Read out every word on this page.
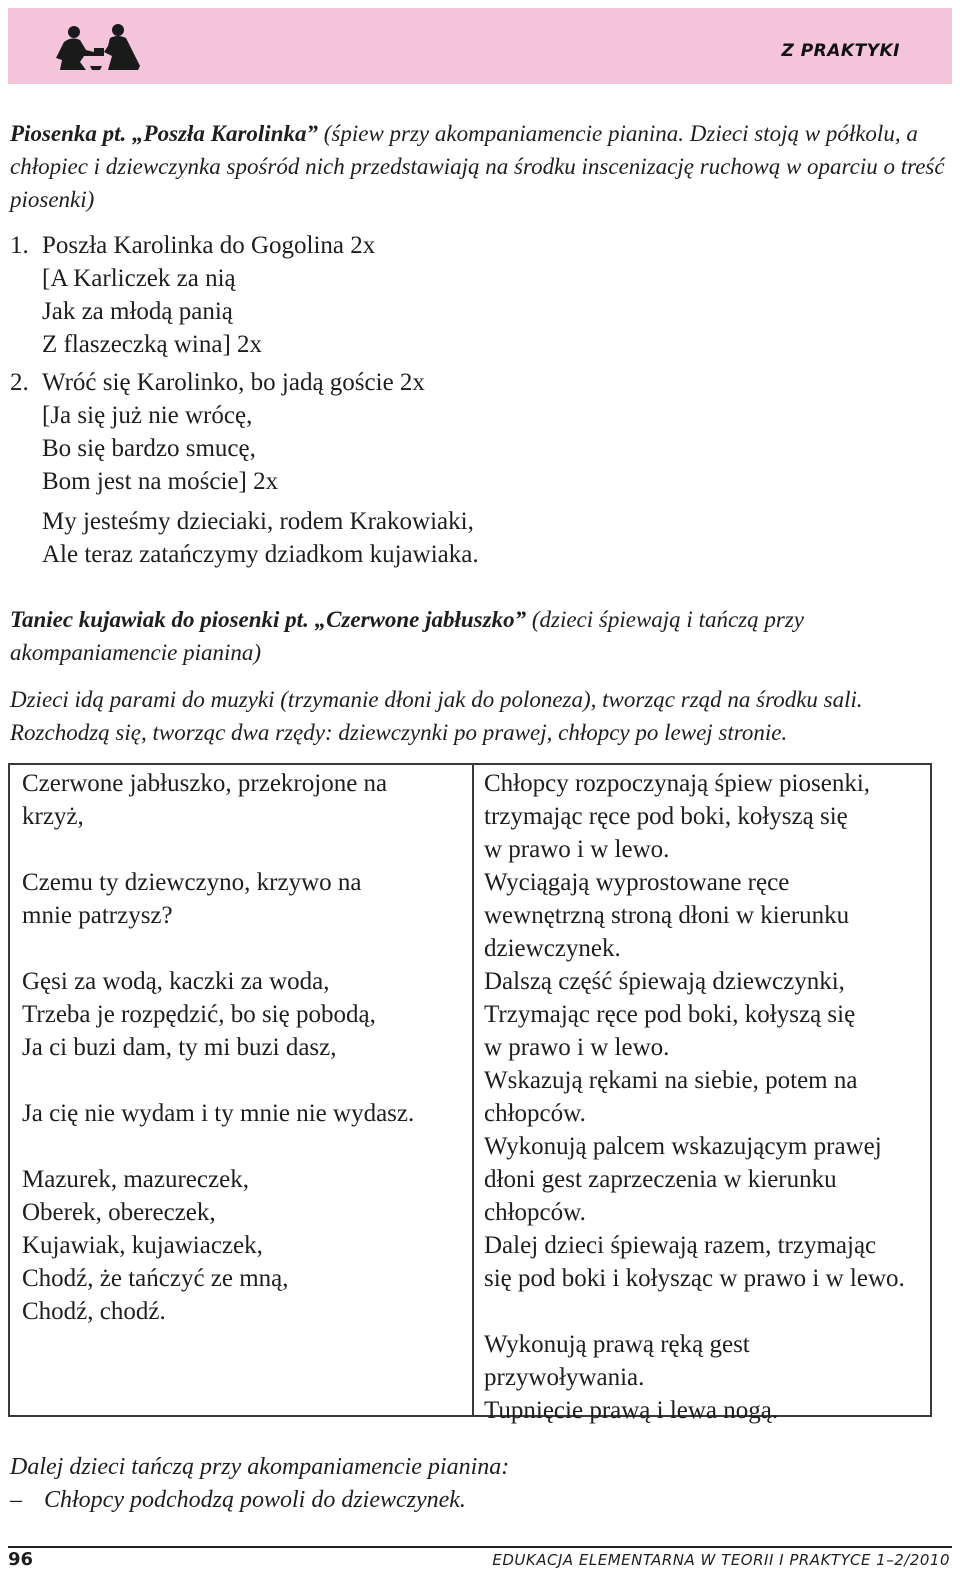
Z PRAKTYKI
Piosenka pt. „Poszła Karolinka” (śpiew przy akompaniamencie pianina. Dzieci stoją w półkolu, a chłopiec i dziewczynka spośród nich przedstawiają na środku inscenizację ruchową w oparciu o treść piosenki)
1. Poszła Karolinka do Gogolina 2x
[A Karliczek za nią
Jak za młodą panią
Z flaszeczką wina] 2x
2. Wróć się Karolinko, bo jadą goście 2x
[Ja się już nie wrócę,
Bo się bardzo smucę,
Bom jest na moście] 2x
My jesteśmy dzieciaki, rodem Krakowiaki,
Ale teraz zatańczymy dziadkom kujawiaka.
Taniec kujawiak do piosenki pt. „Czerwone jabłuszko” (dzieci śpiewają i tańczą przy akompaniamencie pianina)
Dzieci idą parami do muzyki (trzymanie dłoni jak do poloneza), tworząc rząd na środku sali. Rozchodzą się, tworząc dwa rzędy: dziewczynki po prawej, chłopcy po lewej stronie.
Czerwone jabłuszko, przekrojone na
krzyż,
Czemu ty dziewczyno, krzywo na
mnie patrzysz?
Gęsi za wodą, kaczki za woda,
Trzeba je rozpędzić, bo się pobodą,
Ja ci buzi dam, ty mi buzi dasz,
Ja cię nie wydam i ty mnie nie wydasz.
Mazurek, mazureczek,
Oberek, obereczek,
Kujawiak, kujawiaczek,
Chodź, że tańczyć ze mną,
Chodź, chodź.
Chłopcy rozpoczynają śpiew piosenki,
trzymając ręce pod boki, kołyszą się
w prawo i w lewo.
Wyciągają wyprostowane ręce
wewnętrzną stroną dłoni w kierunku
dziewczynek.
Dalszą część śpiewają dziewczynki,
Trzymając ręce pod boki, kołyszą się
w prawo i w lewo.
Wskazują rękami na siebie, potem na
chłopców.
Wykonują palcem wskazującym prawej
dłoni gest zaprzeczenia w kierunku
chłopców.
Dalej dzieci śpiewają razem, trzymając
się pod boki i kołysząc w prawo i w lewo.
Wykonują prawą ręką gest
przywoływania.
Tupnięcie prawą i lewa nogą.
Dalej dzieci tańczą przy akompaniamencie pianina:
– Chłopcy podchodzą powoli do dziewczynek.
96	EDUKACJA ELEMENTARNA W TEORII I PRAKTYCE 1–2/2010
